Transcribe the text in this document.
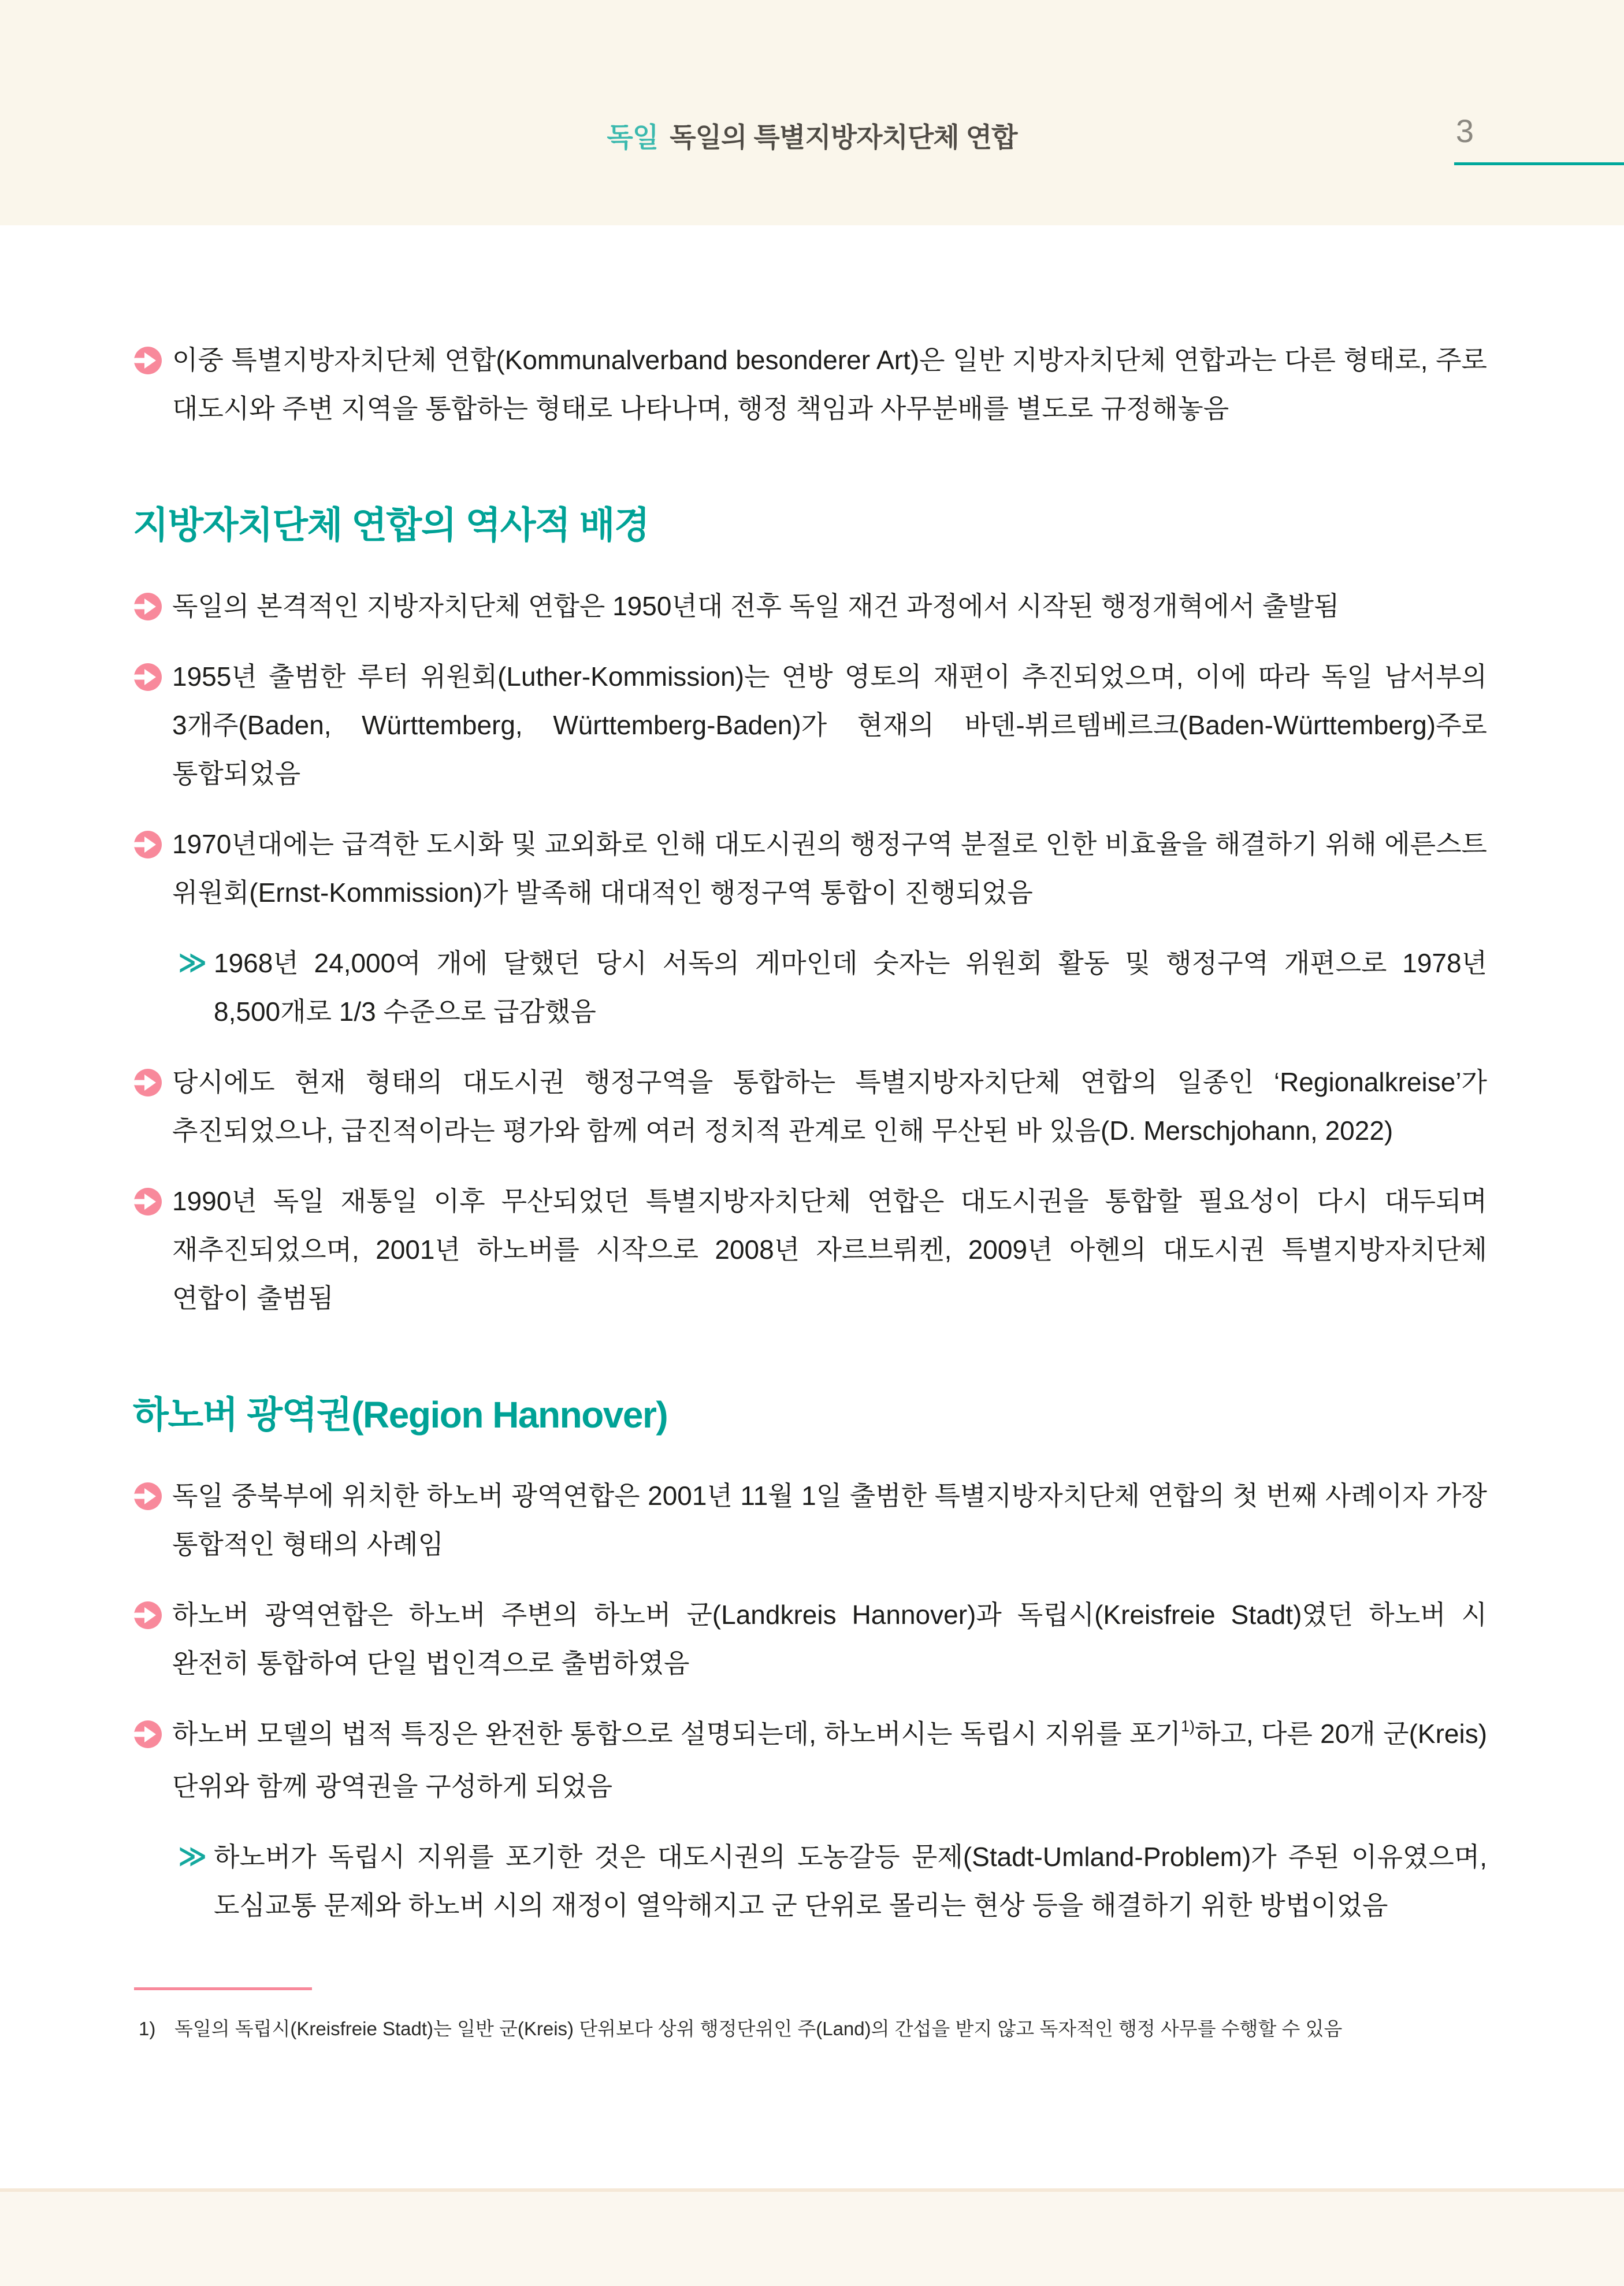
독일 독일의 특별지방자치단체 연합	3

이중 특별지방자치단체 연합(Kommunalverband besonderer Art)은 일반 지방자치단체 연합과는 다른 형태로, 주로 대도시와 주변 지역을 통합하는 형태로 나타나며, 행정 책임과 사무분배를 별도로 규정해놓음

지방자치단체 연합의 역사적 배경

독일의 본격적인 지방자치단체 연합은 1950년대 전후 독일 재건 과정에서 시작된 행정개혁에서 출발됨

1955년 출범한 루터 위원회(Luther-Kommission)는 연방 영토의 재편이 추진되었으며, 이에 따라 독일 남서부의 3개주(Baden, Württemberg, Württemberg-Baden)가 현재의 바덴-뷔르템베르크(Baden-Württemberg)주로 통합되었음

1970년대에는 급격한 도시화 및 교외화로 인해 대도시권의 행정구역 분절로 인한 비효율을 해결하기 위해 에른스트 위원회(Ernst-Kommission)가 발족해 대대적인 행정구역 통합이 진행되었음

≫ 1968년 24,000여 개에 달했던 당시 서독의 게마인데 숫자는 위원회 활동 및 행정구역 개편으로 1978년 8,500개로 1/3 수준으로 급감했음

당시에도 현재 형태의 대도시권 행정구역을 통합하는 특별지방자치단체 연합의 일종인 ‘Regionalkreise’가 추진되었으나, 급진적이라는 평가와 함께 여러 정치적 관계로 인해 무산된 바 있음(D. Merschjohann, 2022)

1990년 독일 재통일 이후 무산되었던 특별지방자치단체 연합은 대도시권을 통합할 필요성이 다시 대두되며 재추진되었으며, 2001년 하노버를 시작으로 2008년 자르브뤼켄, 2009년 아헨의 대도시권 특별지방자치단체 연합이 출범됨

하노버 광역권(Region Hannover)

독일 중북부에 위치한 하노버 광역연합은 2001년 11월 1일 출범한 특별지방자치단체 연합의 첫 번째 사례이자 가장 통합적인 형태의 사례임

하노버 광역연합은 하노버 주변의 하노버 군(Landkreis Hannover)과 독립시(Kreisfreie Stadt)였던 하노버 시 완전히 통합하여 단일 법인격으로 출범하였음

하노버 모델의 법적 특징은 완전한 통합으로 설명되는데, 하노버시는 독립시 지위를 포기$^{1)}$하고, 다른 20개 군(Kreis) 단위와 함께 광역권을 구성하게 되었음

≫ 하노버가 독립시 지위를 포기한 것은 대도시권의 도농갈등 문제(Stadt-Umland-Problem)가 주된 이유였으며, 도심교통 문제와 하노버 시의 재정이 열악해지고 군 단위로 몰리는 현상 등을 해결하기 위한 방법이었음

1) 독일의 독립시(Kreisfreie Stadt)는 일반 군(Kreis) 단위보다 상위 행정단위인 주(Land)의 간섭을 받지 않고 독자적인 행정 사무를 수행할 수 있음
